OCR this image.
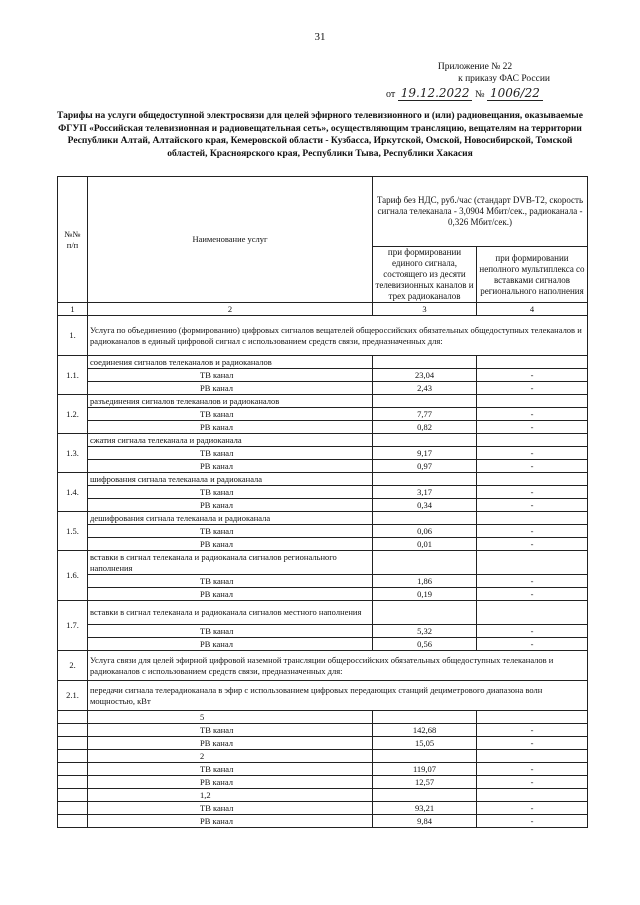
31
Приложение № 22
к приказу ФАС России
от 19.12.2022 № 1006/22
Тарифы на услуги общедоступной электросвязи для целей эфирного телевизионного и (или) радиовещания, оказываемые ФГУП «Российская телевизионная и радиовещательная сеть», осуществляющим трансляцию, вещателям на территории Республики Алтай, Алтайского края, Кемеровской области - Кузбасса, Иркутской, Омской, Новосибирской, Томской областей, Красноярского края, Республики Тыва, Республики Хакасия
№№ п/п	Наименование услуг	Тариф без НДС, руб./час (стандарт DVB-T2, скорость сигнала телеканала - 3,0904 Мбит/сек., радиоканала - 0,326 Мбит/сек.)	
		при формировании единого сигнала, состоящего из десяти телевизионных каналов и трех радиоканалов	при формировании неполного мультиплекса со вставками сигналов регионального наполнения
1	2	3	4
1.	Услуга по объединению (формированию) цифровых сигналов вещателей общероссийских обязательных общедоступных телеканалов и радиоканалов в единый цифровой сигнал с использованием средств связи, предназначенных для:		
1.1.	соединения сигналов телеканалов и радиоканалов		
	ТВ канал	23,04	-
	РВ канал	2,43	-
1.2.	разъединения сигналов телеканалов и радиоканалов		
	ТВ канал	7,77	-
	РВ канал	0,82	-
1.3.	сжатия сигнала телеканала и радиоканала		
	ТВ канал	9,17	-
	РВ канал	0,97	-
1.4.	шифрования сигнала телеканала и радиоканала		
	ТВ канал	3,17	-
	РВ канал	0,34	-
1.5.	дешифрования сигнала телеканала и радиоканала		
	ТВ канал	0,06	-
	РВ канал	0,01	-
1.6.	вставки в сигнал телеканала и радиоканала сигналов регионального наполнения		
	ТВ канал	1,86	-
	РВ канал	0,19	-
1.7.	вставки в сигнал телеканала и радиоканала сигналов местного наполнения		
	ТВ канал	5,32	-
	РВ канал	0,56	-
2.	Услуга связи для целей эфирной цифровой наземной трансляции общероссийских обязательных общедоступных телеканалов и радиоканалов с использованием средств связи, предназначенных для:		
2.1.	передачи сигнала телерадиоканала в эфир с использованием цифровых передающих станций дециметрового диапазона волн мощностью, кВт		
	5		
	ТВ канал	142,68	-
	РВ канал	15,05	-
	2		
	ТВ канал	119,07	-
	РВ канал	12,57	-
	1,2		
	ТВ канал	93,21	-
	РВ канал	9,84	-
